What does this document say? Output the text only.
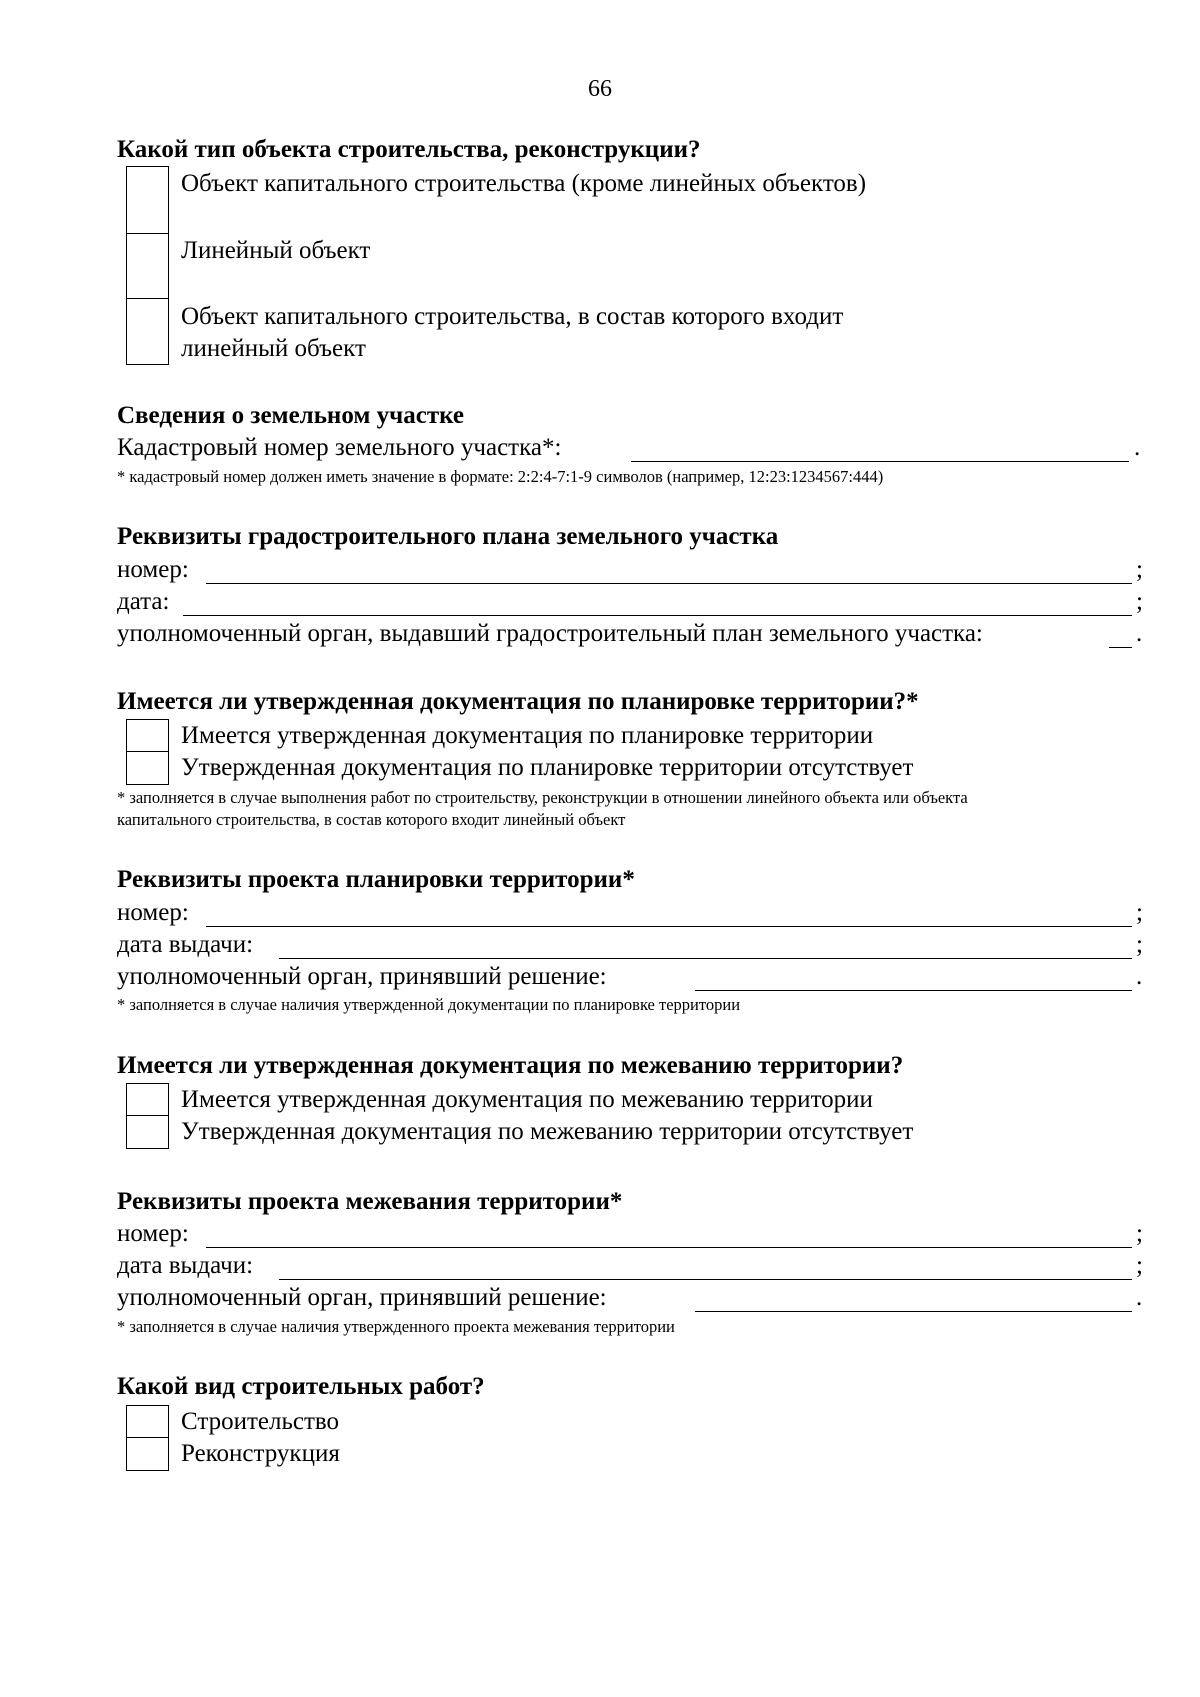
66
Какой тип объекта строительства, реконструкции?
Объект капитального строительства (кроме линейных объектов)
Линейный объект
Объект капитального строительства, в состав которого входит
линейный объект
Сведения о земельном участке
Кадастровый номер земельного участка*:	.
* кадастровый номер должен иметь значение в формате: 2:2:4-7:1-9 символов (например, 12:23:1234567:444)
Реквизиты градостроительного плана земельного участка
номер:	;
дата:	;
уполномоченный орган, выдавший градостроительный план земельного участка:	.
Имеется ли утвержденная документация по планировке территории?*
Имеется утвержденная документация по планировке территории
Утвержденная документация по планировке территории отсутствует
* заполняется в случае выполнения работ по строительству, реконструкции в отношении линейного объекта или объекта
капитального строительства, в состав которого входит линейный объект
Реквизиты проекта планировки территории*
номер:	;
дата выдачи:	;
уполномоченный орган, принявший решение:	.
* заполняется в случае наличия утвержденной документации по планировке территории
Имеется ли утвержденная документация по межеванию территории?
Имеется утвержденная документация по межеванию территории
Утвержденная документация по межеванию территории отсутствует
Реквизиты проекта межевания территории*
номер:	;
дата выдачи:	;
уполномоченный орган, принявший решение:	.
* заполняется в случае наличия утвержденного проекта межевания территории
Какой вид строительных работ?
Строительство
Реконструкция
